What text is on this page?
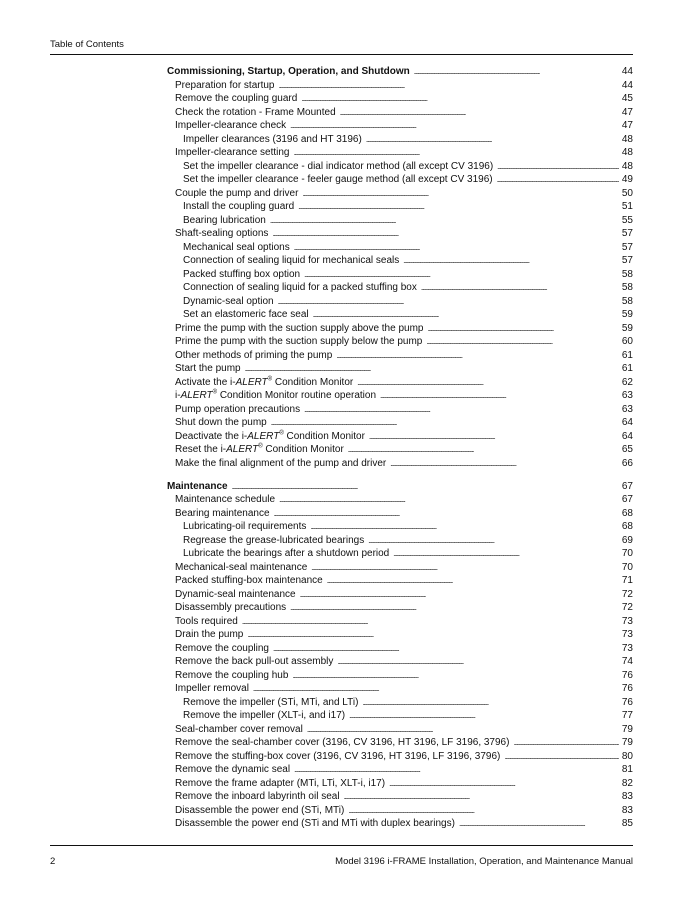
Table of Contents
Commissioning, Startup, Operation, and Shutdown . . .	44
Preparation for startup . . .	44
Remove the coupling guard . . .	45
Check the rotation - Frame Mounted . . .	47
Impeller-clearance check . . .	47
Impeller clearances (3196 and HT 3196) . . .	48
Impeller-clearance setting . . .	48
Set the impeller clearance - dial indicator method (all except CV 3196) . . .	48
Set the impeller clearance - feeler gauge method (all except CV 3196) . . .	49
Couple the pump and driver . . .	50
Install the coupling guard . . .	51
Bearing lubrication . . .	55
Shaft-sealing options . . .	57
Mechanical seal options . . .	57
Connection of sealing liquid for mechanical seals . . .	57
Packed stuffing box option . . .	58
Connection of sealing liquid for a packed stuffing box . . .	58
Dynamic-seal option . . .	58
Set an elastomeric face seal . . .	59
Prime the pump with the suction supply above the pump . . .	59
Prime the pump with the suction supply below the pump . . .	60
Other methods of priming the pump . . .	61
Start the pump . . .	61
Activate the i-ALERT® Condition Monitor . . .	62
i-ALERT® Condition Monitor routine operation . . .	63
Pump operation precautions . . .	63
Shut down the pump . . .	64
Deactivate the i-ALERT® Condition Monitor . . .	64
Reset the i-ALERT® Condition Monitor . . .	65
Make the final alignment of the pump and driver . . .	66
Maintenance . . .	67
Maintenance schedule . . .	67
Bearing maintenance . . .	68
Lubricating-oil requirements . . .	68
Regrease the grease-lubricated bearings . . .	69
Lubricate the bearings after a shutdown period . . .	70
Mechanical-seal maintenance . . .	70
Packed stuffing-box maintenance . . .	71
Dynamic-seal maintenance . . .	72
Disassembly precautions . . .	72
Tools required . . .	73
Drain the pump . . .	73
Remove the coupling . . .	73
Remove the back pull-out assembly . . .	74
Remove the coupling hub . . .	76
Impeller removal . . .	76
Remove the impeller (STi, MTi, and LTi) . . .	76
Remove the impeller (XLT-i, and i17) . . .	77
Seal-chamber cover removal . . .	79
Remove the seal-chamber cover (3196, CV 3196, HT 3196, LF 3196, 3796) . . .	79
Remove the stuffing-box cover (3196, CV 3196, HT 3196, LF 3196, 3796) . . .	80
Remove the dynamic seal . . .	81
Remove the frame adapter (MTi, LTi, XLT-i, i17) . . .	82
Remove the inboard labyrinth oil seal . . .	83
Disassemble the power end (STi, MTi) . . .	83
Disassemble the power end (STi and MTi with duplex bearings) . . .	85
2	Model 3196 i-FRAME Installation, Operation, and Maintenance Manual
